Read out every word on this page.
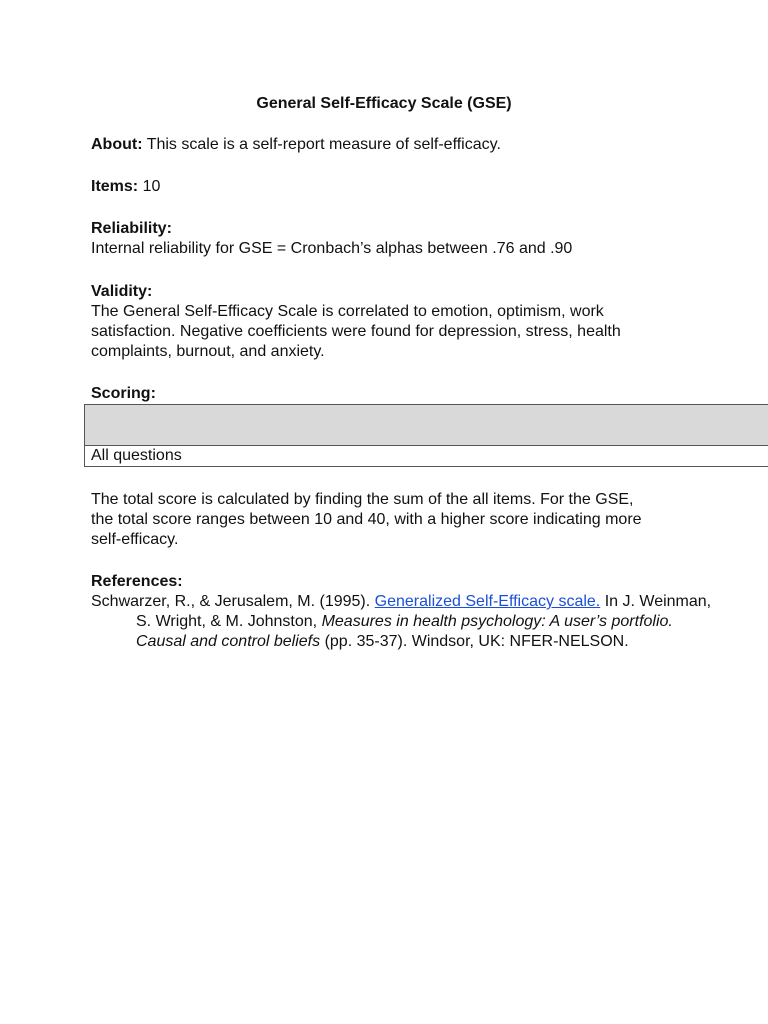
General Self-Efficacy Scale (GSE)
About: This scale is a self-report measure of self-efficacy.
Items: 10
Reliability:
Internal reliability for GSE = Cronbach’s alphas between .76 and .90
Validity:
The General Self-Efficacy Scale is correlated to emotion, optimism, work satisfaction. Negative coefficients were found for depression, stress, health complaints, burnout, and anxiety.
Scoring:

All questions
The total score is calculated by finding the sum of the all items. For the GSE, the total score ranges between 10 and 40, with a higher score indicating more self-efficacy.
References:
Schwarzer, R., & Jerusalem, M. (1995). Generalized Self-Efficacy scale. In J. Weinman, S. Wright, & M. Johnston, Measures in health psychology: A user’s portfolio. Causal and control beliefs (pp. 35-37). Windsor, UK: NFER-NELSON.
